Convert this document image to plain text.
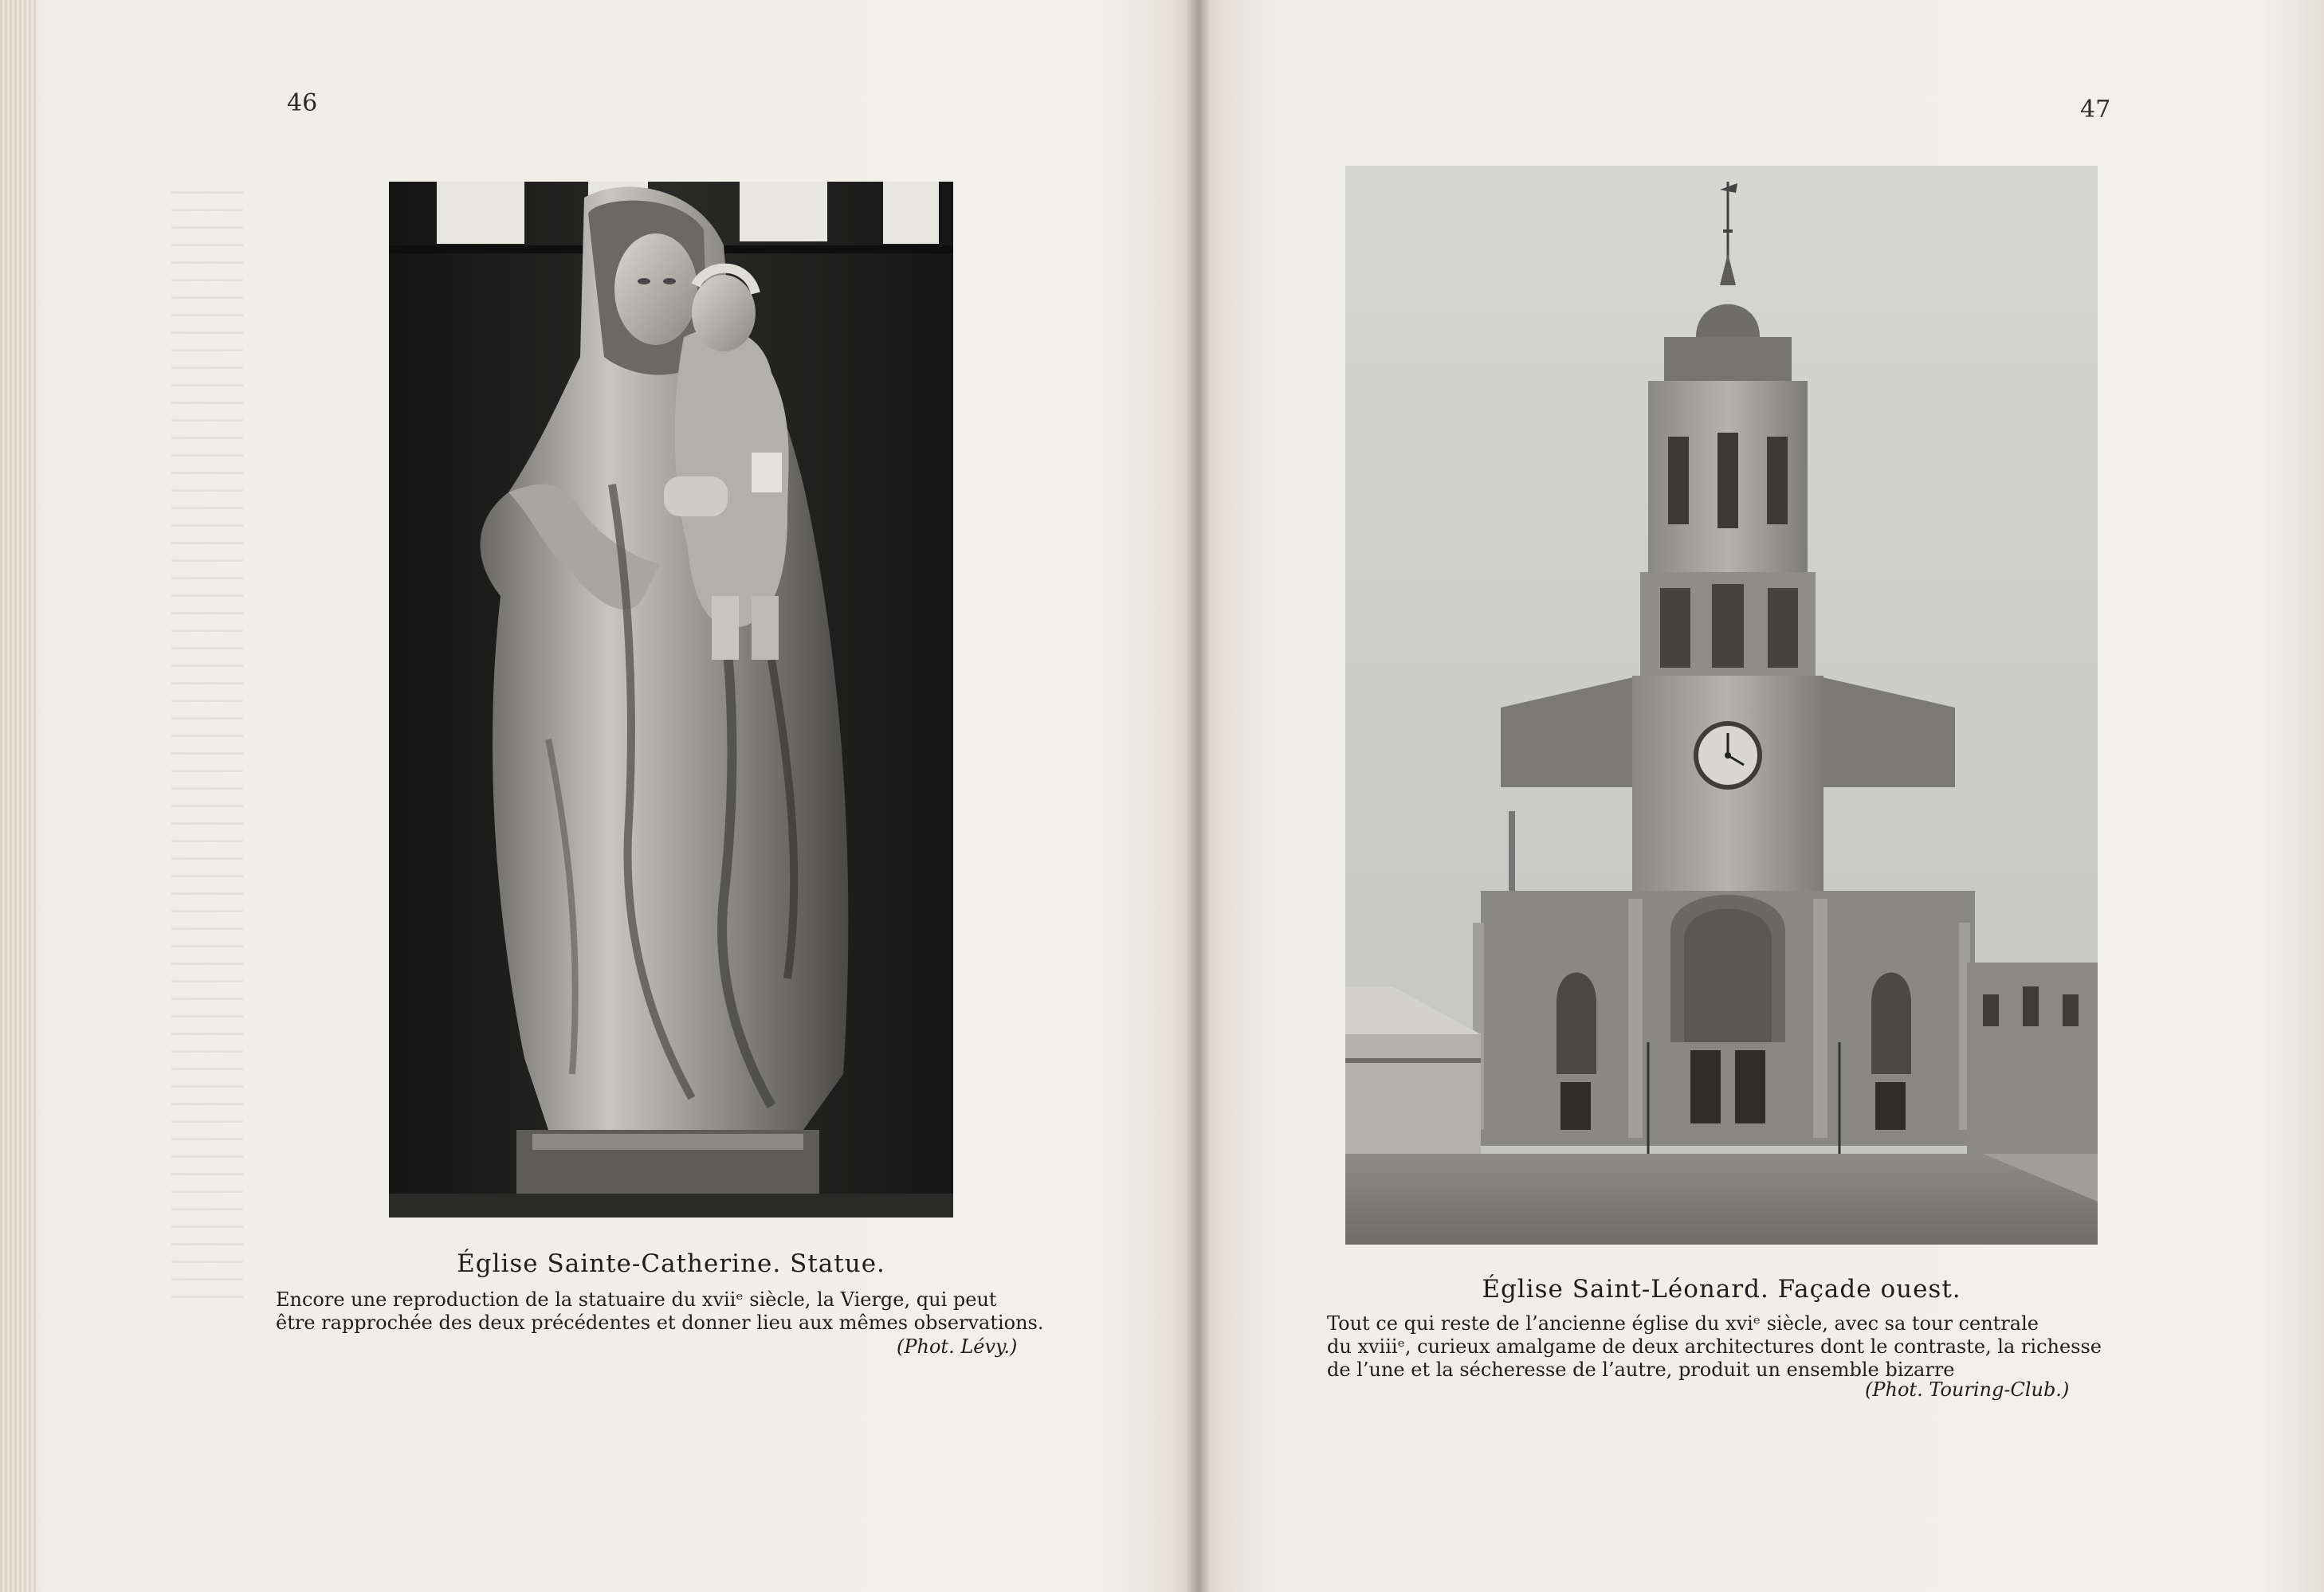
46	47
Église Sainte-Catherine. Statue.

Encore une reproduction de la statuaire du xviiᵉ siècle, la Vierge, qui peut

être rapprochée des deux précédentes et donner lieu aux mêmes observations.

(Phot. Lévy.)
Église Saint-Léonard. Façade ouest.

Tout ce qui reste de l’ancienne église du xviᵉ siècle, avec sa tour centrale

du xviiiᵉ, curieux amalgame de deux architectures dont le contraste, la richesse

de l’une et la sécheresse de l’autre, produit un ensemble bizarre

(Phot. Touring-Club.)
